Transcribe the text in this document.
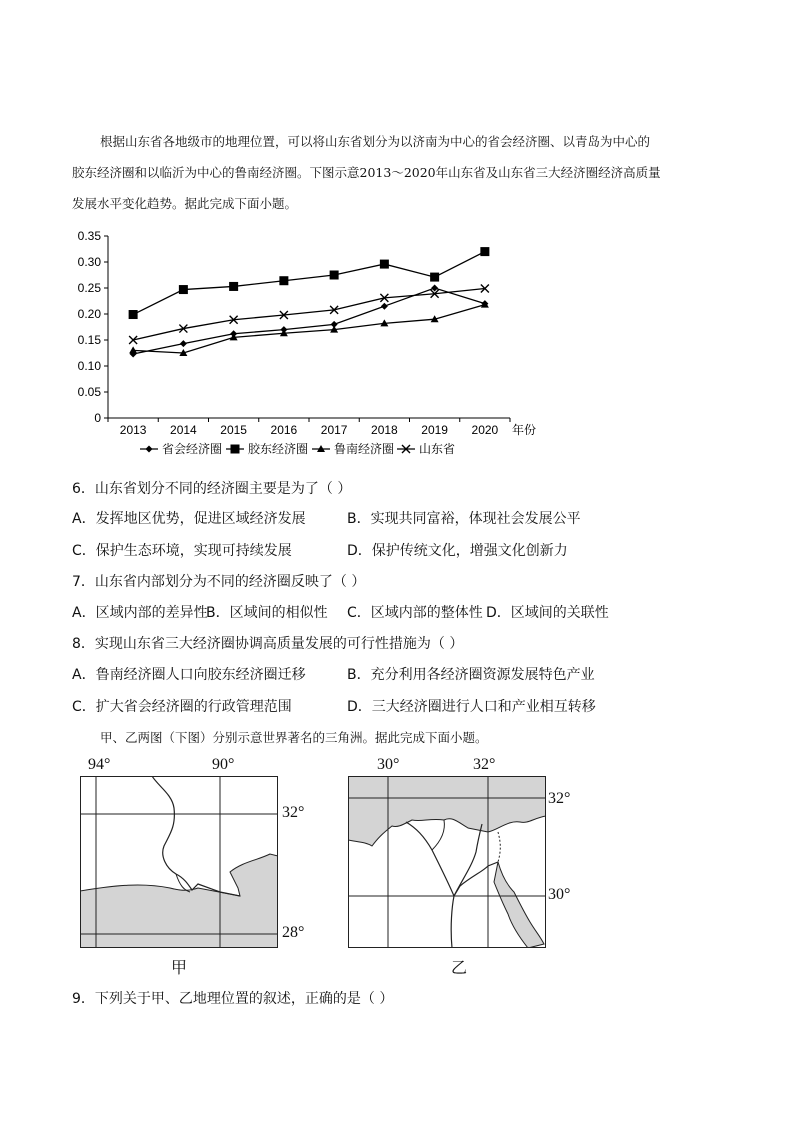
根据山东省各地级市的地理位置，可以将山东省划分为以济南为中心的省会经济圈、以青岛为中心的
胶东经济圈和以临沂为中心的鲁南经济圈。下图示意2013～2020年山东省及山东省三大经济圈经济高质量
发展水平变化趋势。据此完成下面小题。
0
0.05
0.10
0.15
0.20
0.25
0.30
0.35
2013 2014 2015 2016 2017 2018 2019 2020 年份
省会经济圈 胶东经济圈 鲁南经济圈 山东省
6．山东省划分不同的经济圈主要是为了（ ）
A．发挥地区优势，促进区域经济发展	B．实现共同富裕，体现社会发展公平
C．保护生态环境，实现可持续发展	D．保护传统文化，增强文化创新力
7．山东省内部划分为不同的经济圈反映了（ ）
A．区域内部的差异性
B．区域间的相似性 C．区域内部的整体性 D．区域间的关联性
8．实现山东省三大经济圈协调高质量发展的可行性措施为（ ）
A．鲁南经济圈人口向胶东经济圈迁移	B．充分利用各经济圈资源发展特色产业
C．扩大省会经济圈的行政管理范围	D．三大经济圈进行人口和产业相互转移
甲、乙两图（下图）分别示意世界著名的三角洲。据此完成下面小题。
94°	90°
32°
28°
甲
30°	32°
32°
30°
乙
9．下列关于甲、乙地理位置的叙述，正确的是（ ）
